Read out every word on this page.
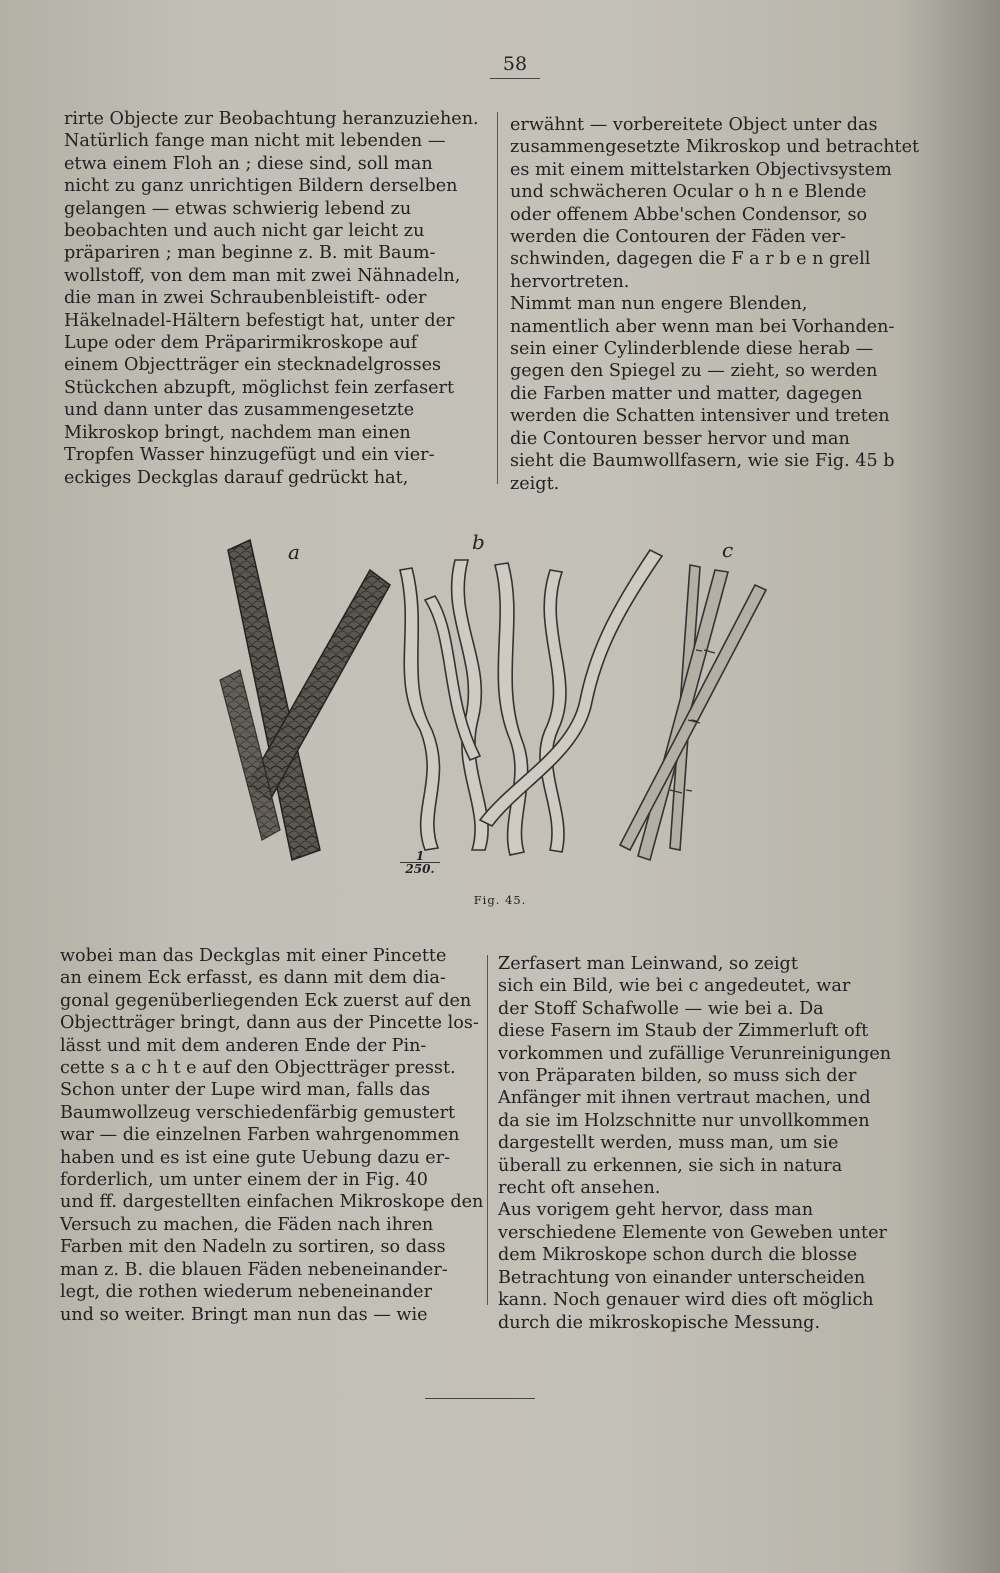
58

rirte Objecte zur Beobachtung heranzuziehen.

Natürlich fange man nicht mit lebenden —

etwa einem Floh an ; diese sind, soll man

nicht zu ganz unrichtigen Bildern derselben

gelangen — etwas schwierig lebend zu

beobachten und auch nicht gar leicht zu

präpariren ; man beginne z. B. mit Baum-

wollstoff, von dem man mit zwei Nähnadeln,

die man in zwei Schraubenbleistift- oder

Häkelnadel-Hältern befestigt hat, unter der

Lupe oder dem Präparirmikroskope auf

einem Objectträger ein stecknadelgrosses

Stückchen abzupft, möglichst fein zerfasert

und dann unter das zusammengesetzte

Mikroskop bringt, nachdem man einen

Tropfen Wasser hinzugefügt und ein vier-

eckiges Deckglas darauf gedrückt hat,

erwähnt — vorbereitete Object unter das

zusammengesetzte Mikroskop und betrachtet

es mit einem mittelstarken Objectivsystem

und schwächeren Ocular o h n e Blende

oder offenem Abbe'schen Condensor, so

werden die Contouren der Fäden ver-

schwinden, dagegen die F a r b e n grell

hervortreten.

Nimmt man nun engere Blenden,

namentlich aber wenn man bei Vorhanden-

sein einer Cylinderblende diese herab —

gegen den Spiegel zu — zieht, so werden

die Farben matter und matter, dagegen

werden die Schatten intensiver und treten

die Contouren besser hervor und man

sieht die Baumwollfasern, wie sie Fig. 45 b

zeigt.

a	b	c
$\frac{1}{250.}$
Fig. 45.

wobei man das Deckglas mit einer Pincette

an einem Eck erfasst, es dann mit dem dia-

gonal gegenüberliegenden Eck zuerst auf den

Objectträger bringt, dann aus der Pincette los-

lässt und mit dem anderen Ende der Pin-

cette s a c h t e auf den Objectträger presst.

Schon unter der Lupe wird man, falls das

Baumwollzeug verschiedenfärbig gemustert

war — die einzelnen Farben wahrgenommen

haben und es ist eine gute Uebung dazu er-

forderlich, um unter einem der in Fig. 40

und ff. dargestellten einfachen Mikroskope den

Versuch zu machen, die Fäden nach ihren

Farben mit den Nadeln zu sortiren, so dass

man z. B. die blauen Fäden nebeneinander-

legt, die rothen wiederum nebeneinander

und so weiter. Bringt man nun das — wie

Zerfasert man Leinwand, so zeigt

sich ein Bild, wie bei c angedeutet, war

der Stoff Schafwolle — wie bei a. Da

diese Fasern im Staub der Zimmerluft oft

vorkommen und zufällige Verunreinigungen

von Präparaten bilden, so muss sich der

Anfänger mit ihnen vertraut machen, und

da sie im Holzschnitte nur unvollkommen

dargestellt werden, muss man, um sie

überall zu erkennen, sie sich in natura

recht oft ansehen.

Aus vorigem geht hervor, dass man

verschiedene Elemente von Geweben unter

dem Mikroskope schon durch die blosse

Betrachtung von einander unterscheiden

kann. Noch genauer wird dies oft möglich

durch die mikroskopische Messung.
